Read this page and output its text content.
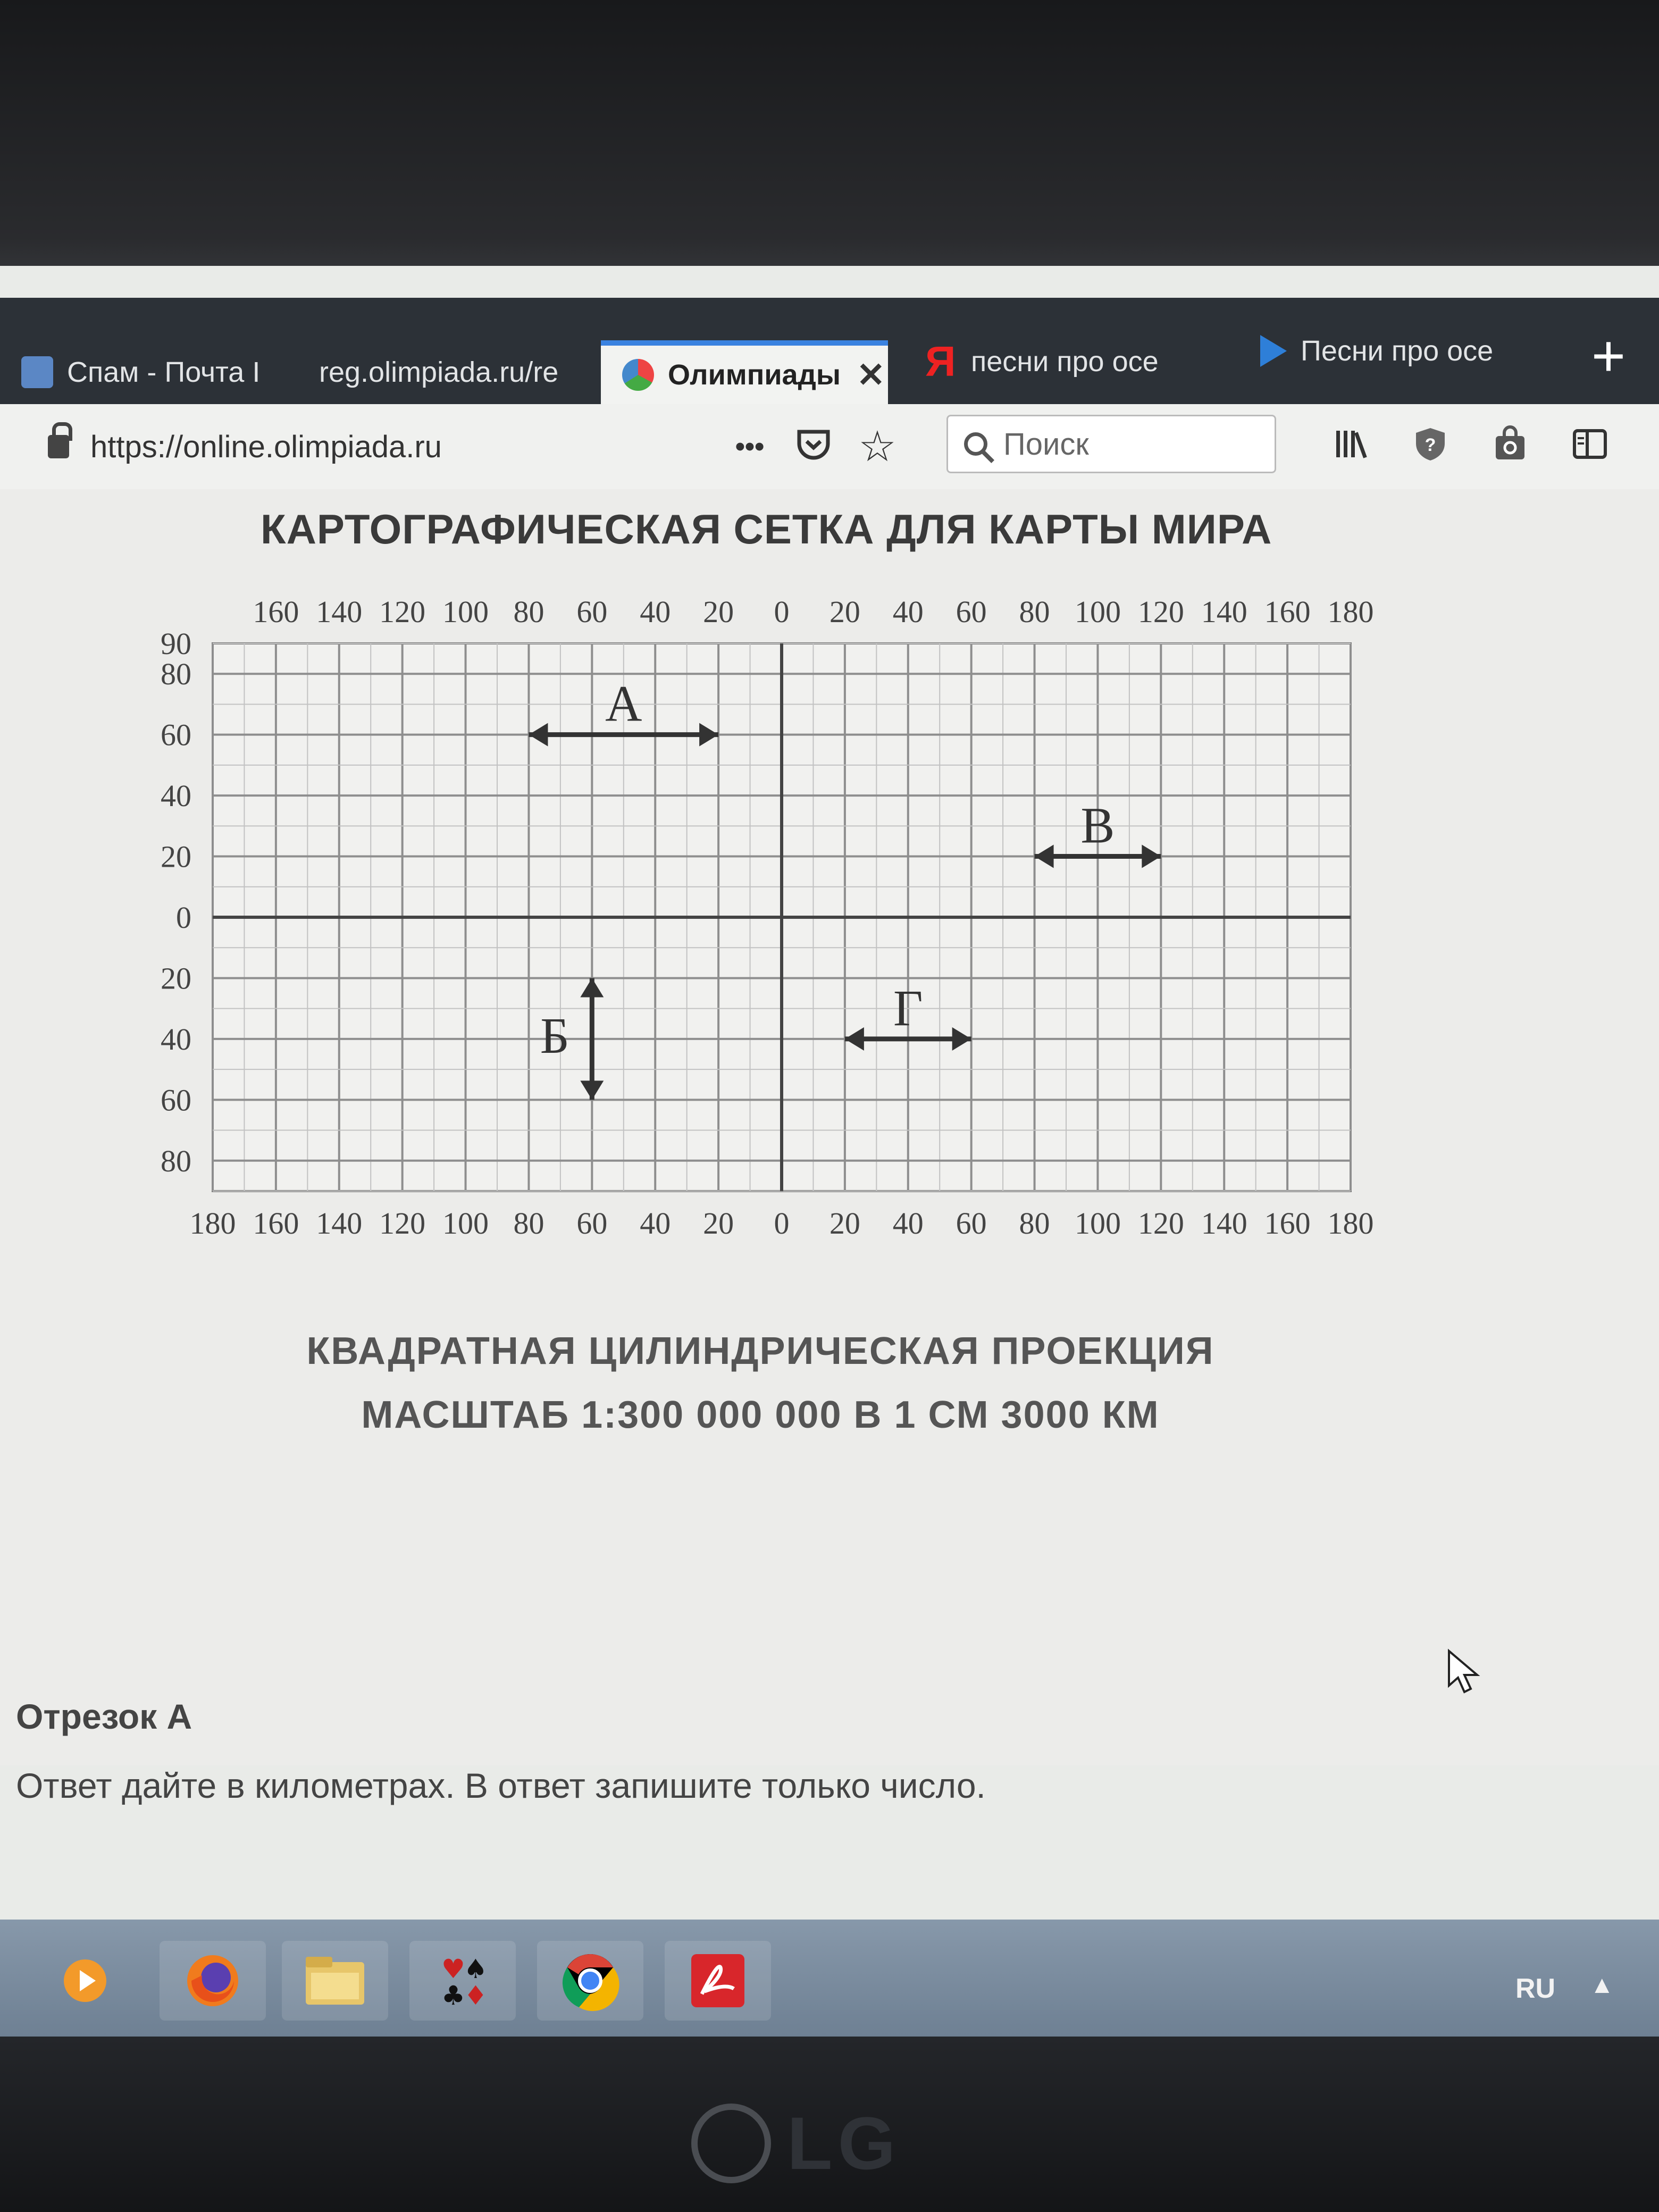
Спам - Почта I reg.olimpiada.ru/re	Олимпиады ✕ Я песни про осе	Песни про осе +
https://online.olimpiada.ru	••• ☆	Поиск	?
КАРТОГРАФИЧЕСКАЯ СЕТКА ДЛЯ КАРТЫ МИРА
160 140 120 100 80 60 40 20 0 20 40 60 80 100 120 140 160 180
180 160 140 120 100 80 60 40 20 0 20 40 60 80 100 120 140 160 180
90
80
60
40
20
0
20
40
60
80
А
В
Б	Г
КВАДРАТНАЯ ЦИЛИНДРИЧЕСКАЯ ПРОЕКЦИЯ
МАСШТАБ 1:300 000 000 В 1 СМ 3000 КМ
Отрезок А
Ответ дайте в километрах. В ответ запишите только число.
♥
♠
♣
♦	RU ▲
LG
